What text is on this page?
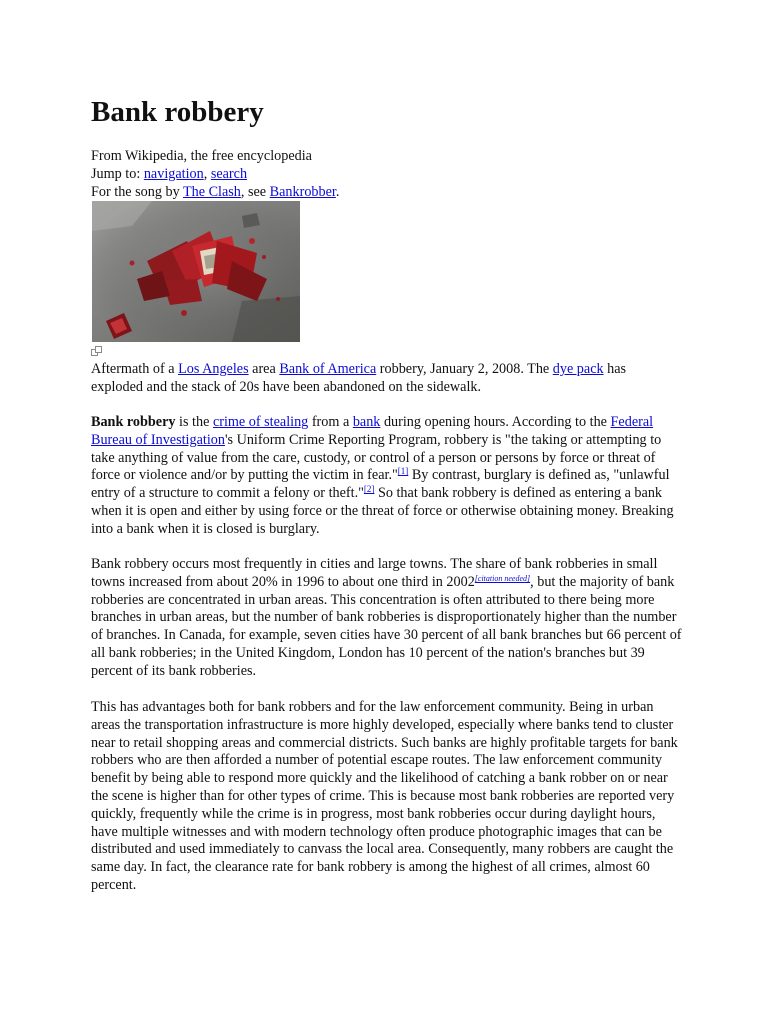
Bank robbery
From Wikipedia, the free encyclopedia
Jump to: navigation, search
For the song by The Clash, see Bankrobber.
Aftermath of a Los Angeles area Bank of America robbery, January 2, 2008. The dye pack has exploded and the stack of 20s have been abandoned on the sidewalk.

Bank robbery is the crime of stealing from a bank during opening hours. According to the Federal Bureau of Investigation's Uniform Crime Reporting Program, robbery is "the taking or attempting to take anything of value from the care, custody, or control of a person or persons by force or threat of force or violence and/or by putting the victim in fear."[1] By contrast, burglary is defined as, "unlawful entry of a structure to commit a felony or theft."[2] So that bank robbery is defined as entering a bank when it is open and either by using force or the threat of force or otherwise obtaining money. Breaking into a bank when it is closed is burglary.

Bank robbery occurs most frequently in cities and large towns. The share of bank robberies in small towns increased from about 20% in 1996 to about one third in 2002[citation needed], but the majority of bank robberies are concentrated in urban areas. This concentration is often attributed to there being more branches in urban areas, but the number of bank robberies is disproportionately higher than the number of branches. In Canada, for example, seven cities have 30 percent of all bank branches but 66 percent of all bank robberies; in the United Kingdom, London has 10 percent of the nation's branches but 39 percent of its bank robberies.

This has advantages both for bank robbers and for the law enforcement community. Being in urban areas the transportation infrastructure is more highly developed, especially where banks tend to cluster near to retail shopping areas and commercial districts. Such banks are highly profitable targets for bank robbers who are then afforded a number of potential escape routes. The law enforcement community benefit by being able to respond more quickly and the likelihood of catching a bank robber on or near the scene is higher than for other types of crime. This is because most bank robberies are reported very quickly, frequently while the crime is in progress, most bank robberies occur during daylight hours, have multiple witnesses and with modern technology often produce photographic images that can be distributed and used immediately to canvass the local area. Consequently, many robbers are caught the same day. In fact, the clearance rate for bank robbery is among the highest of all crimes, almost 60 percent.
